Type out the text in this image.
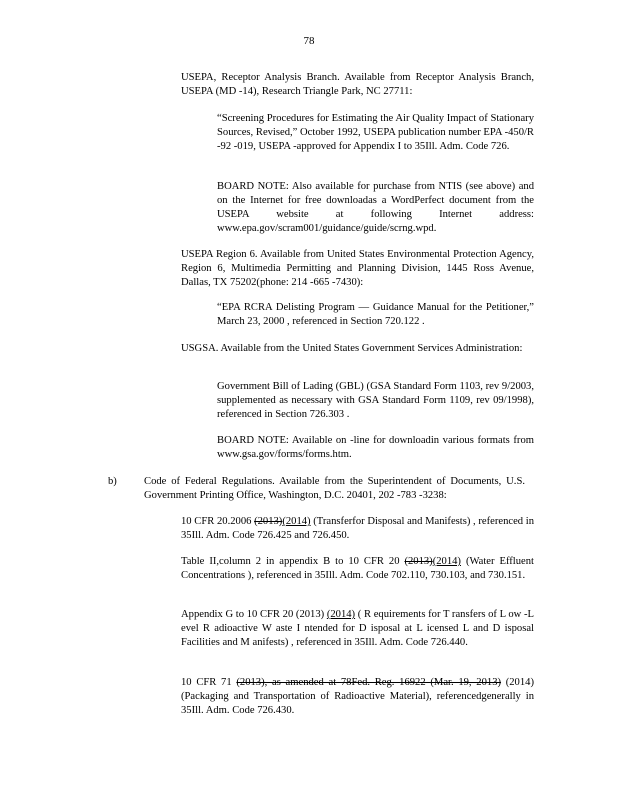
78

USEPA, Receptor Analysis Branch. Available from Receptor Analysis Branch, USEPA (MD -14), Research Triangle Park, NC 27711:

“Screening Procedures for Estimating the Air Quality Impact of Stationary Sources, Revised,” October 1992, USEPA publication number EPA -450/R -92 -019, USEPA -approved for Appendix I to 35Ill. Adm. Code 726.

BOARD NOTE: Also available for purchase from NTIS (see above) and on the Internet for free downloadas a WordPerfect document from the USEPA website at following Internet address: www.epa.gov/scram001/guidance/guide/scrng.wpd.

USEPA Region 6. Available from United States Environmental Protection Agency, Region 6, Multimedia Permitting and Planning Division, 1445 Ross Avenue, Dallas, TX 75202(phone: 214 -665 -7430):

“EPA RCRA Delisting Program — Guidance Manual for the Petitioner,” March 23, 2000 , referenced in Section 720.122 .

USGSA. Available from the United States Government Services Administration:

Government Bill of Lading (GBL) (GSA Standard Form 1103, rev 9/2003, supplemented as necessary with GSA Standard Form 1109, rev 09/1998), referenced in Section 726.303 .

BOARD NOTE: Available on -line for downloadin various formats from www.gsa.gov/forms/forms.htm.

b)	Code of Federal Regulations. Available from the Superintendent of Documents, U.S. Government Printing Office, Washington, D.C. 20401, 202 -783 -3238:

10 CFR 20.2006 (2013)(2014) (Transferfor Disposal and Manifests) , referenced in 35Ill. Adm. Code 726.425 and 726.450.

Table II,column 2 in appendix B to 10 CFR 20 (2013)(2014) (Water Effluent Concentrations ), referenced in 35Ill. Adm. Code 702.110, 730.103, and 730.151.

Appendix G to 10 CFR 20 (2013) (2014) ( R equirements for T ransfers of L ow -L evel R adioactive W aste I ntended for D isposal at L icensed L and D isposal Facilities and M anifests) , referenced in 35Ill. Adm. Code 726.440.

10 CFR 71 (2013), as amended at 78Fed. Reg. 16922 (Mar. 19, 2013) (2014) (Packaging and Transportation of Radioactive Material), referencedgenerally in 35Ill. Adm. Code 726.430.
